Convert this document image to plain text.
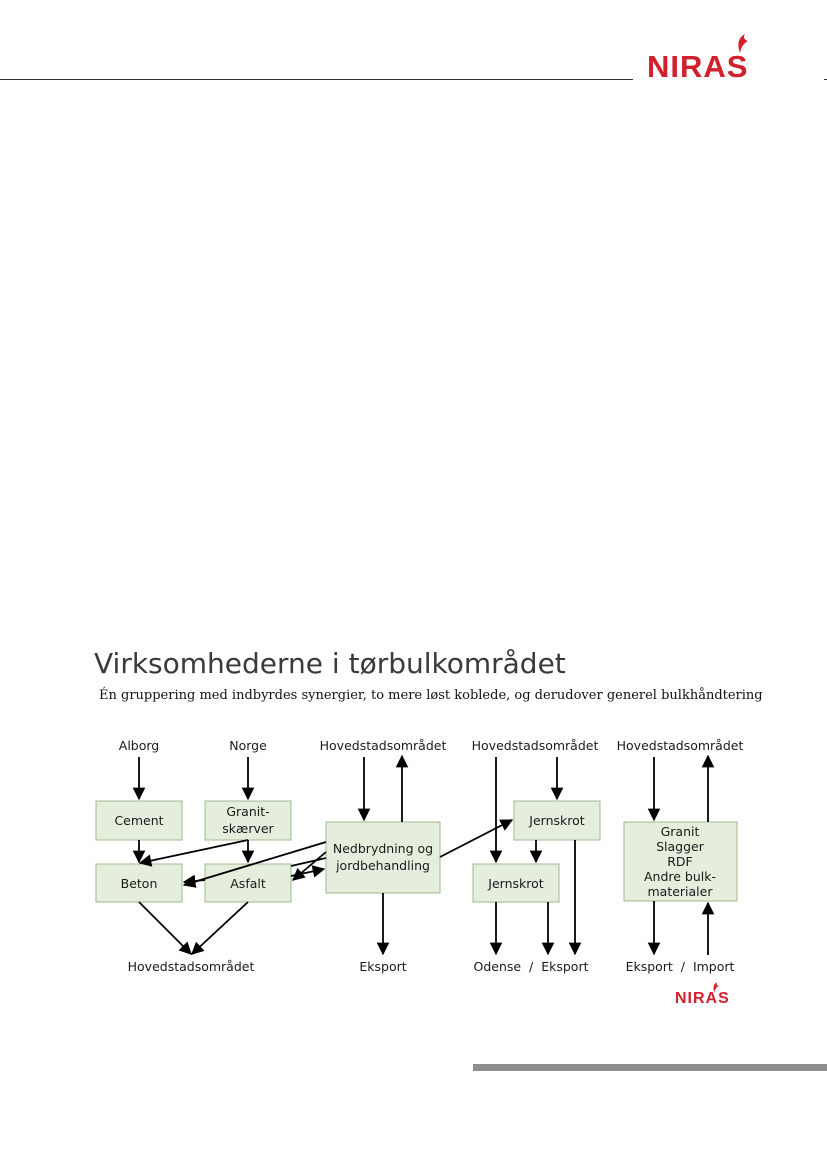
NIRAS
Virksomhederne i tørbulkområdet

Én gruppering med indbyrdes synergier, to mere løst koblede, og derudover generel bulkhåndtering

Alborg	Norge	Hovedstadsområdet Hovedstadsområdet Hovedstadsområdet
Hovedstadsområdet	Eksport	Odense  /  Eksport	Eksport  /  Import
Cement
Granit-
skærver
Beton	Asfalt
Nedbrydning og
jordbehandling
Jernskrot
Jernskrot
Granit
Slagger
RDF
Andre bulk-
materialer
NIRAS
